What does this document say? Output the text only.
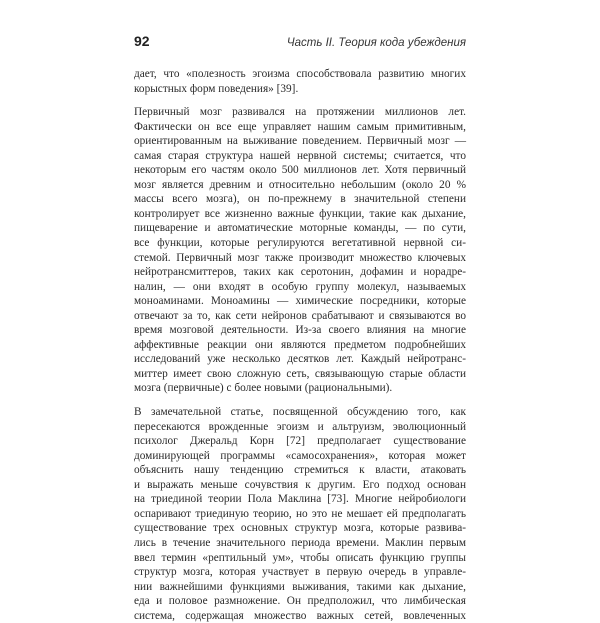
92	Часть II. Теория кода убеждения
дает, что «полезность эгоизма способствовала развитию многих
корыстных форм поведения» [39].
Первичный мозг развивался на протяжении миллионов лет.
Фактически он все еще управляет нашим самым примитивным,
ориентированным на выживание поведением. Первичный мозг —
самая старая структура нашей нервной системы; считается, что
некоторым его частям около 500 миллионов лет. Хотя первичный
мозг является древним и относительно небольшим (около 20 %
массы всего мозга), он по-прежнему в значительной степени
контролирует все жизненно важные функции, такие как дыхание,
пищеварение и автоматические моторные команды, — по сути,
все функции, которые регулируются вегетативной нервной си-
стемой. Первичный мозг также производит множество ключевых
нейротрансмиттеров, таких как серотонин, дофамин и норадре-
налин, — они входят в особую группу молекул, называемых
моноаминами. Моноамины — химические посредники, которые
отвечают за то, как сети нейронов срабатывают и связываются во
время мозговой деятельности. Из-за своего влияния на многие
аффективные реакции они являются предметом подробнейших
исследований уже несколько десятков лет. Каждый нейротранс-
миттер имеет свою сложную сеть, связывающую старые области
мозга (первичные) с более новыми (рациональными).
В замечательной статье, посвященной обсуждению того, как
пересекаются врожденные эгоизм и альтруизм, эволюционный
психолог Джеральд Корн [72] предполагает существование
доминирующей программы «самосохранения», которая может
объяснить нашу тенденцию стремиться к власти, атаковать
и выражать меньше сочувствия к другим. Его подход основан
на триединой теории Пола Маклина [73]. Многие нейробиологи
оспаривают триединую теорию, но это не мешает ей предполагать
существование трех основных структур мозга, которые развива-
лись в течение значительного периода времени. Маклин первым
ввел термин «рептильный ум», чтобы описать функцию группы
структур мозга, которая участвует в первую очередь в управле-
нии важнейшими функциями выживания, такими как дыхание,
еда и половое размножение. Он предположил, что лимбическая
система, содержащая множество важных сетей, вовлеченных
